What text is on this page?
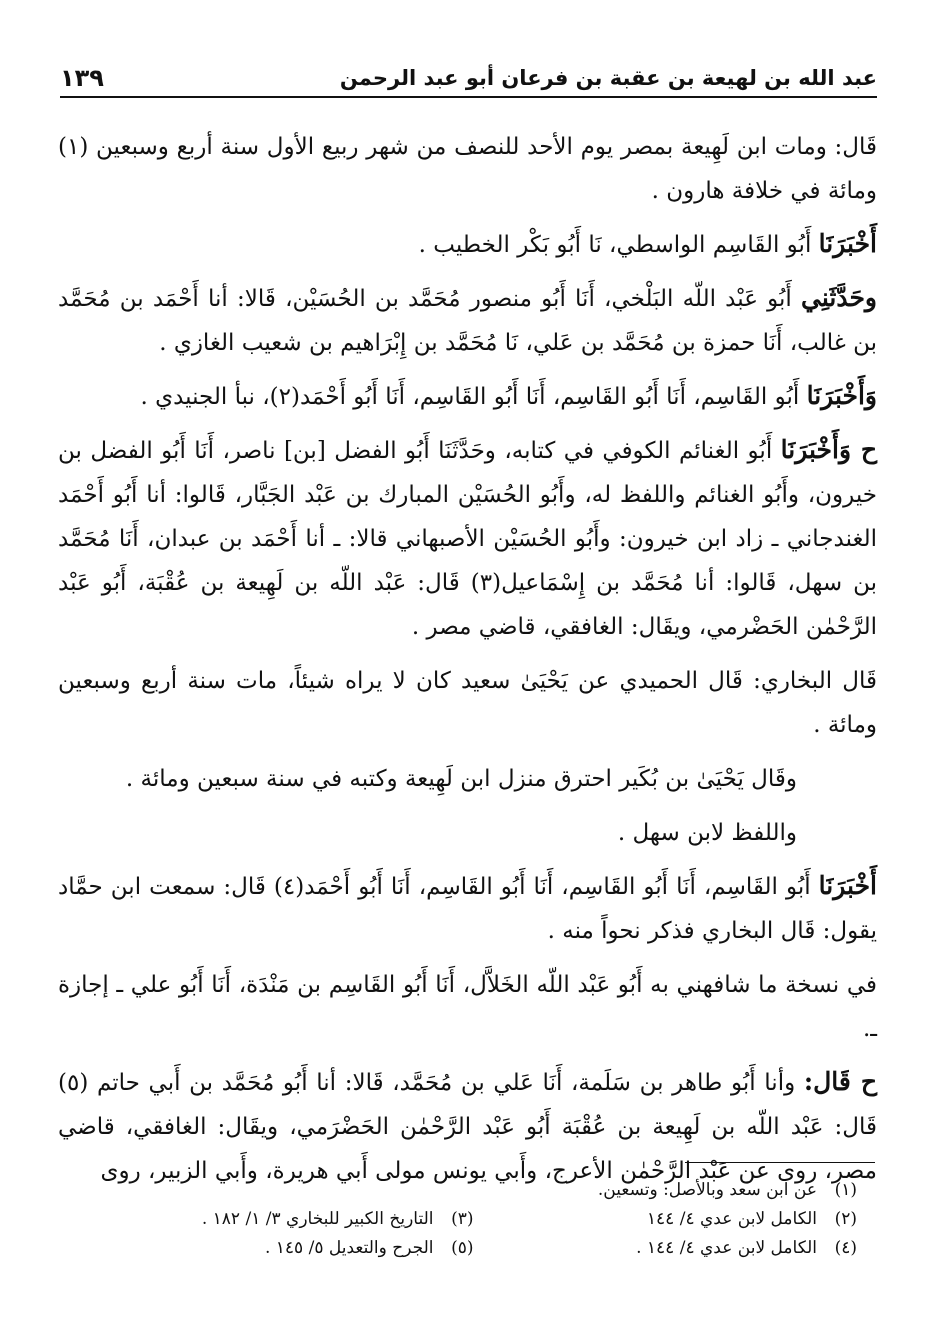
عبد الله بن لهيعة بن عقبة بن فرعان أبو عبد الرحمن
١٣٩

قَال: ومات ابن لَهِيعة بمصر يوم الأحد للنصف من شهر ربيع الأول سنة أربع وسبعين (١) ومائة في خلافة هارون .

أَخْبَرَنَا أَبُو القَاسِم الواسطي، نَا أَبُو بَكْر الخطيب .

وحَدَّثَنِي أَبُو عَبْد اللّه البَلْخي، أَنَا أَبُو منصور مُحَمَّد بن الحُسَيْن، قَالا: أنا أَحْمَد بن مُحَمَّد بن غالب، أَنَا حمزة بن مُحَمَّد بن عَلي، نَا مُحَمَّد بن إِبْرَاهيم بن شعيب الغازي .

وَأَخْبَرَنَا أَبُو القَاسِم، أَنَا أَبُو القَاسِم، أَنَا أَبُو القَاسِم، أَنَا أَبُو أَحْمَد(٢)، نبأ الجنيدي .

ح وَأَخْبَرَنَا أَبُو الغنائم الكوفي في كتابه، وحَدَّثَنَا أَبُو الفضل [بن] ناصر، أَنَا أَبُو الفضل بن خيرون، وأَبُو الغنائم واللفظ له، وأَبُو الحُسَيْن المبارك بن عَبْد الجَبَّار، قَالوا: أنا أَبُو أَحْمَد الغندجاني ـ زاد ابن خيرون: وأَبُو الحُسَيْن الأصبهاني قالا: ـ أنا أَحْمَد بن عبدان، أَنَا مُحَمَّد بن سهل، قَالوا: أنا مُحَمَّد بن إِسْمَاعيل(٣) قَال: عَبْد اللّه بن لَهِيعة بن عُقْبَة، أَبُو عَبْد الرَّحْمٰن الحَضْرمي، ويقَال: الغافقي، قاضي مصر .

قَال البخاري: قَال الحميدي عن يَحْيَىٰ سعيد كان لا يراه شيئاً، مات سنة أربع وسبعين ومائة .

وقَال يَحْيَىٰ بن بُكَير احترق منزل ابن لَهِيعة وكتبه في سنة سبعين ومائة .

واللفظ لابن سهل .

أَخْبَرَنَا أَبُو القَاسِم، أَنَا أَبُو القَاسِم، أَنَا أَبُو القَاسِم، أَنَا أَبُو أَحْمَد(٤) قَال: سمعت ابن حمَّاد يقول: قَال البخاري فذكر نحواً منه .

في نسخة ما شافهني به أَبُو عَبْد اللّه الخَلاَّل، أَنَا أَبُو القَاسِم بن مَنْدَة، أَنَا أَبُو علي ـ إجازة ـ.

ح قَال: وأنا أَبُو طاهر بن سَلَمة، أَنَا عَلي بن مُحَمَّد، قَالا: أنا أَبُو مُحَمَّد بن أَبي حاتم (٥) قَال: عَبْد اللّه بن لَهِيعة بن عُقْبَة أَبُو عَبْد الرَّحْمٰن الحَضْرَمي، ويقَال: الغافقي، قاضي مصر، روى عن عَبْد الرَّحْمٰن الأعرج، وأَبي يونس مولى أَبي هريرة، وأَبي الزبير، روى

(١)عن ابن سعد وبالأصل: وتسعين.
(٢)الكامل لابن عدي ٤/ ١٤٤
(٣)التاريخ الكبير للبخاري ٣/ ١/ ١٨٢ .
(٤)الكامل لابن عدي ٤/ ١٤٤ .
(٥)الجرح والتعديل ٥/ ١٤٥ .
